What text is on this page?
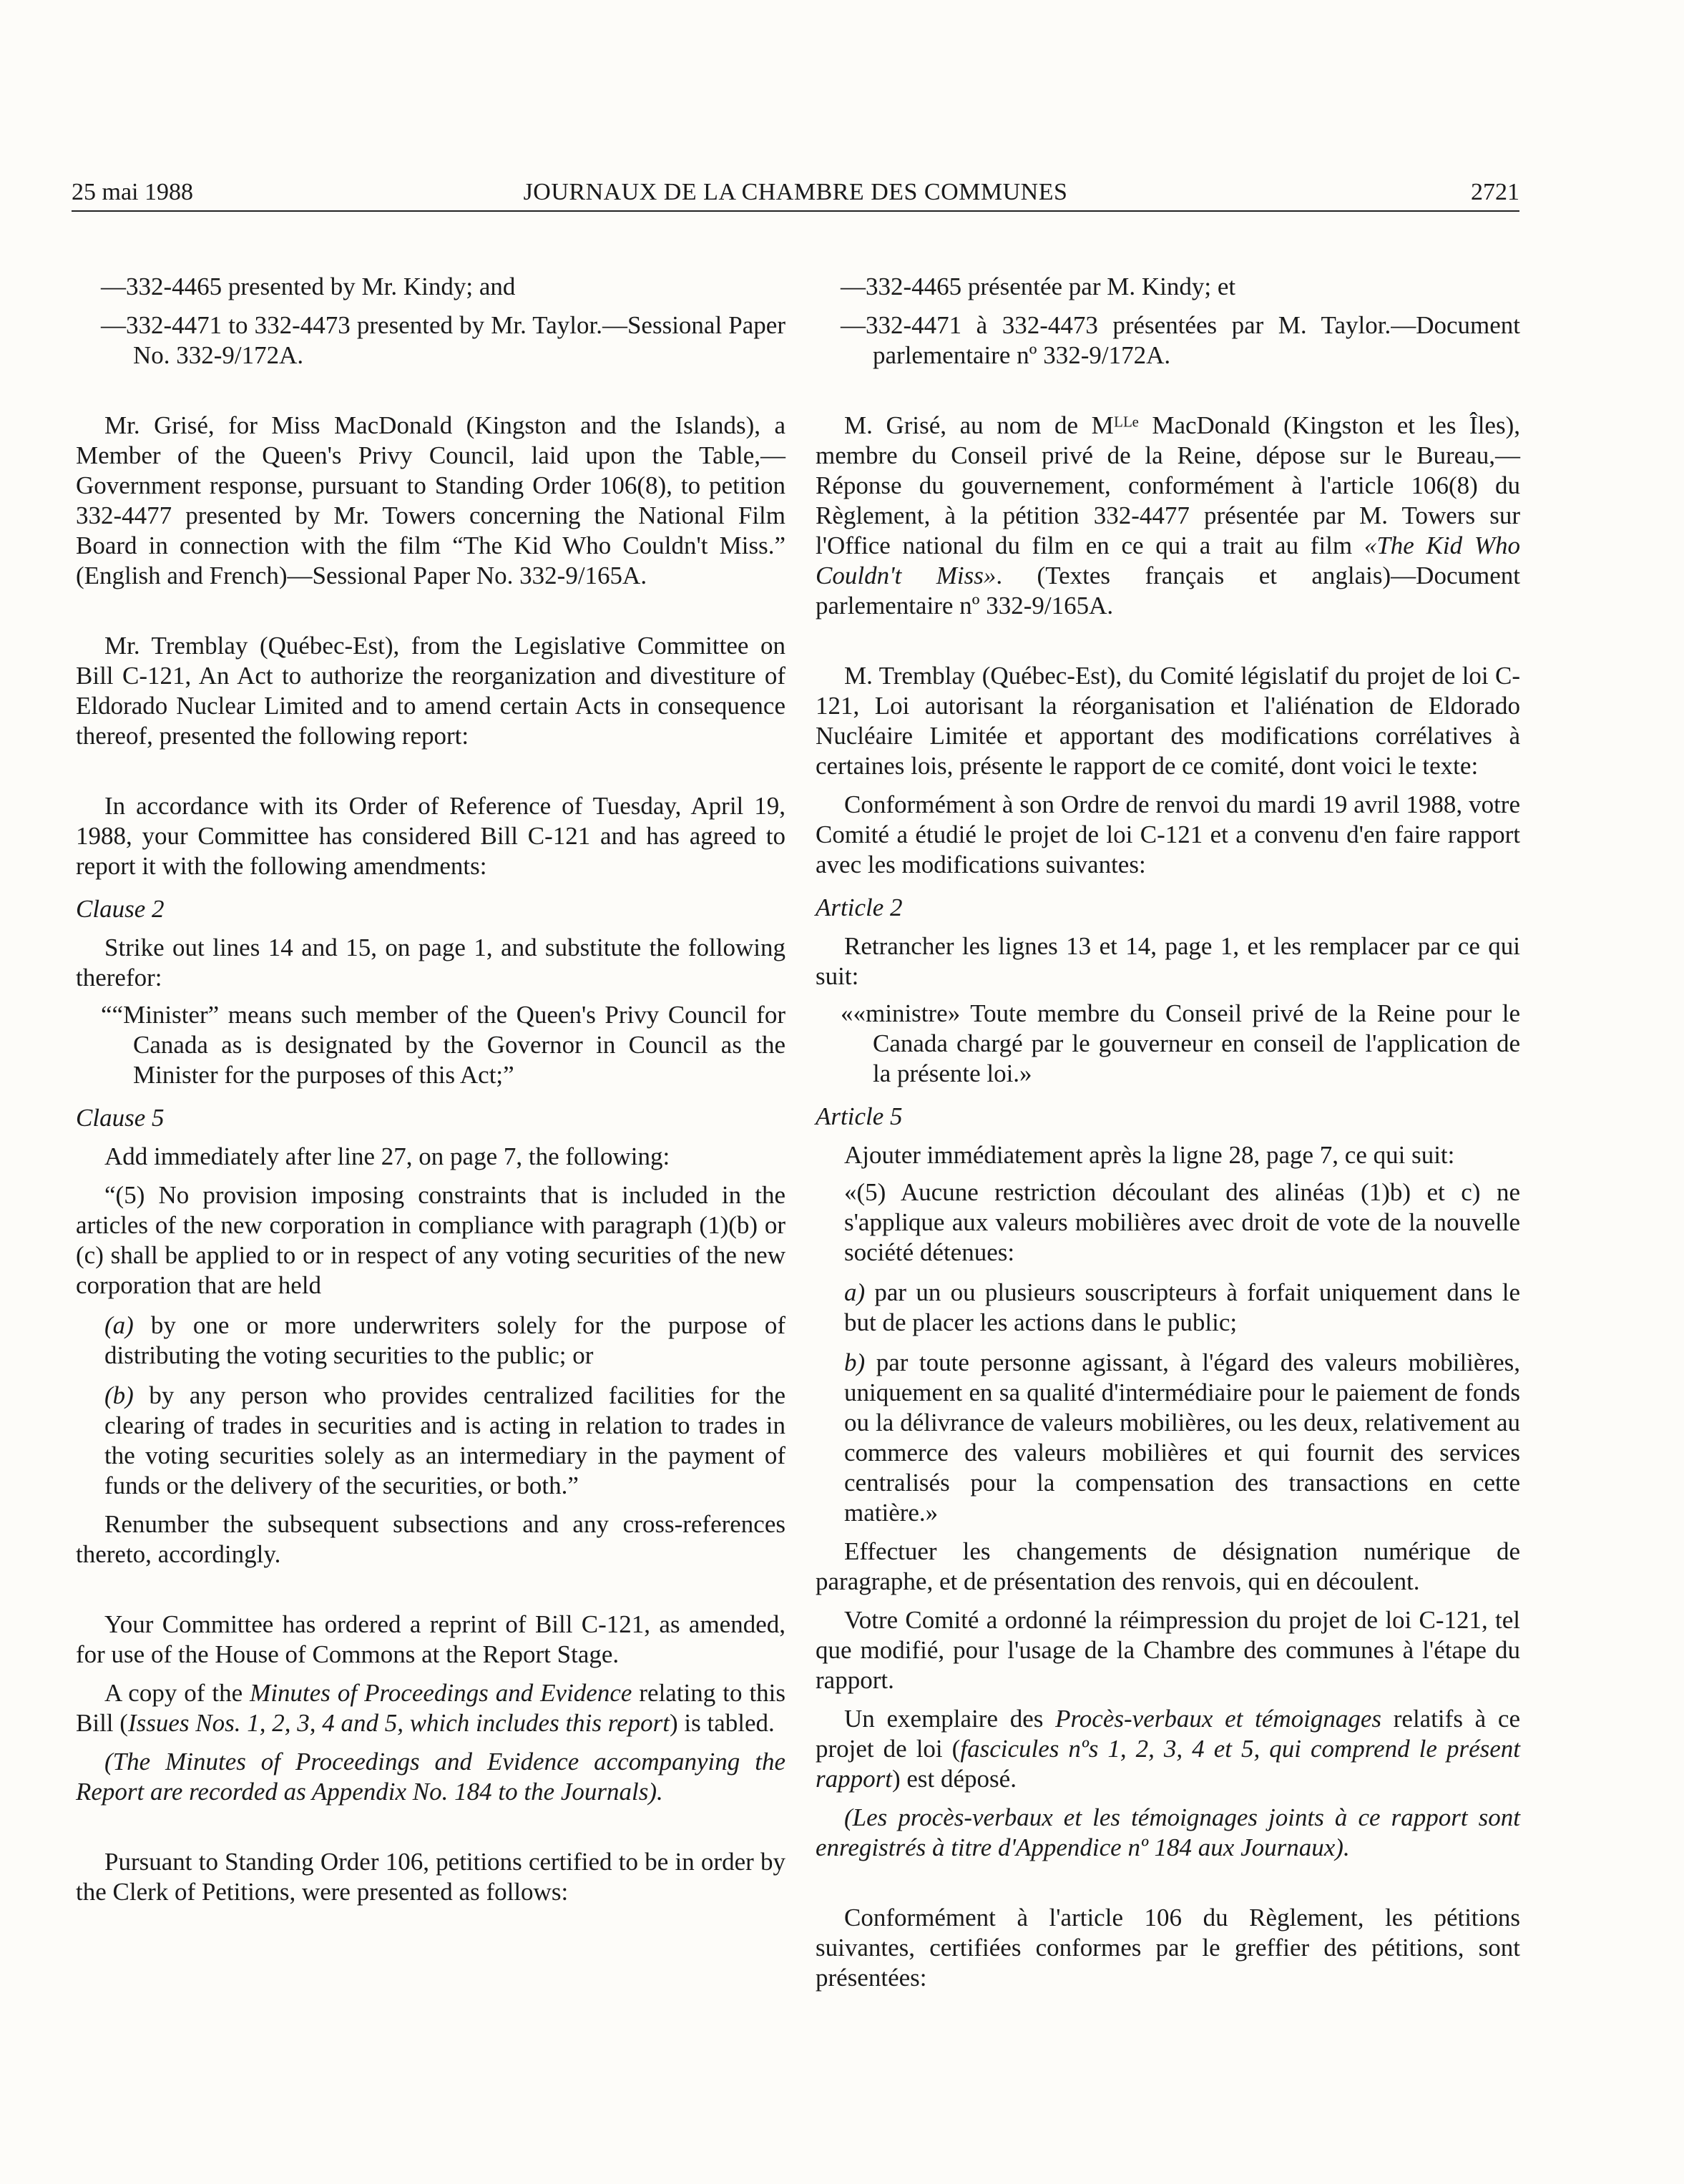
25 mai 1988	JOURNAUX DE LA CHAMBRE DES COMMUNES	2721

—332-4465 presented by Mr. Kindy; and

—332-4471 to 332-4473 presented by Mr. Taylor.—Sessional Paper No. 332-9/172A.

Mr. Grisé, for Miss MacDonald (Kingston and the Islands), a Member of the Queen's Privy Council, laid upon the Table,—Government response, pursuant to Standing Order 106(8), to petition 332-4477 presented by Mr. Towers concerning the National Film Board in connection with the film “The Kid Who Couldn't Miss.” (English and French)—Sessional Paper No. 332-9/165A.

Mr. Tremblay (Québec-Est), from the Legislative Committee on Bill C-121, An Act to authorize the reorganization and divestiture of Eldorado Nuclear Limited and to amend certain Acts in consequence thereof, presented the following report:

In accordance with its Order of Reference of Tuesday, April 19, 1988, your Committee has considered Bill C-121 and has agreed to report it with the following amendments:

Clause 2

Strike out lines 14 and 15, on page 1, and substitute the following therefor:

““Minister” means such member of the Queen's Privy Council for Canada as is designated by the Governor in Council as the Minister for the purposes of this Act;”

Clause 5

Add immediately after line 27, on page 7, the following:

“(5) No provision imposing constraints that is included in the articles of the new corporation in compliance with paragraph (1)(b) or (c) shall be applied to or in respect of any voting securities of the new corporation that are held

(a) by one or more underwriters solely for the purpose of distributing the voting securities to the public; or

(b) by any person who provides centralized facilities for the clearing of trades in securities and is acting in relation to trades in the voting securities solely as an intermediary in the payment of funds or the delivery of the securities, or both.”

Renumber the subsequent subsections and any cross-references thereto, accordingly.

Your Committee has ordered a reprint of Bill C-121, as amended, for use of the House of Commons at the Report Stage.

A copy of the Minutes of Proceedings and Evidence relating to this Bill (Issues Nos. 1, 2, 3, 4 and 5, which includes this report) is tabled.

(The Minutes of Proceedings and Evidence accompanying the Report are recorded as Appendix No. 184 to the Journals).

Pursuant to Standing Order 106, petitions certified to be in order by the Clerk of Petitions, were presented as follows:

—332-4465 présentée par M. Kindy; et

—332-4471 à 332-4473 présentées par M. Taylor.—Document parlementaire nº 332-9/172A.

M. Grisé, au nom de Mᴸᴸᵉ MacDonald (Kingston et les Îles), membre du Conseil privé de la Reine, dépose sur le Bureau,—Réponse du gouvernement, conformément à l'article 106(8) du Règlement, à la pétition 332-4477 présentée par M. Towers sur l'Office national du film en ce qui a trait au film «The Kid Who Couldn't Miss». (Textes français et anglais)—Document parlementaire nº 332-9/165A.

M. Tremblay (Québec-Est), du Comité législatif du projet de loi C-121, Loi autorisant la réorganisation et l'aliénation de Eldorado Nucléaire Limitée et apportant des modifications corrélatives à certaines lois, présente le rapport de ce comité, dont voici le texte:

Conformément à son Ordre de renvoi du mardi 19 avril 1988, votre Comité a étudié le projet de loi C-121 et a convenu d'en faire rapport avec les modifications suivantes:

Article 2

Retrancher les lignes 13 et 14, page 1, et les remplacer par ce qui suit:

««ministre» Toute membre du Conseil privé de la Reine pour le Canada chargé par le gouverneur en conseil de l'application de la présente loi.»

Article 5

Ajouter immédiatement après la ligne 28, page 7, ce qui suit:

«(5) Aucune restriction découlant des alinéas (1)b) et c) ne s'applique aux valeurs mobilières avec droit de vote de la nouvelle société détenues:

a) par un ou plusieurs souscripteurs à forfait uniquement dans le but de placer les actions dans le public;

b) par toute personne agissant, à l'égard des valeurs mobilières, uniquement en sa qualité d'intermédiaire pour le paiement de fonds ou la délivrance de valeurs mobilières, ou les deux, relativement au commerce des valeurs mobilières et qui fournit des services centralisés pour la compensation des transactions en cette matière.»

Effectuer les changements de désignation numérique de paragraphe, et de présentation des renvois, qui en découlent.

Votre Comité a ordonné la réimpression du projet de loi C-121, tel que modifié, pour l'usage de la Chambre des communes à l'étape du rapport.

Un exemplaire des Procès-verbaux et témoignages relatifs à ce projet de loi (fascicules nºs 1, 2, 3, 4 et 5, qui comprend le présent rapport) est déposé.

(Les procès-verbaux et les témoignages joints à ce rapport sont enregistrés à titre d'Appendice nº 184 aux Journaux).

Conformément à l'article 106 du Règlement, les pétitions suivantes, certifiées conformes par le greffier des pétitions, sont présentées:
